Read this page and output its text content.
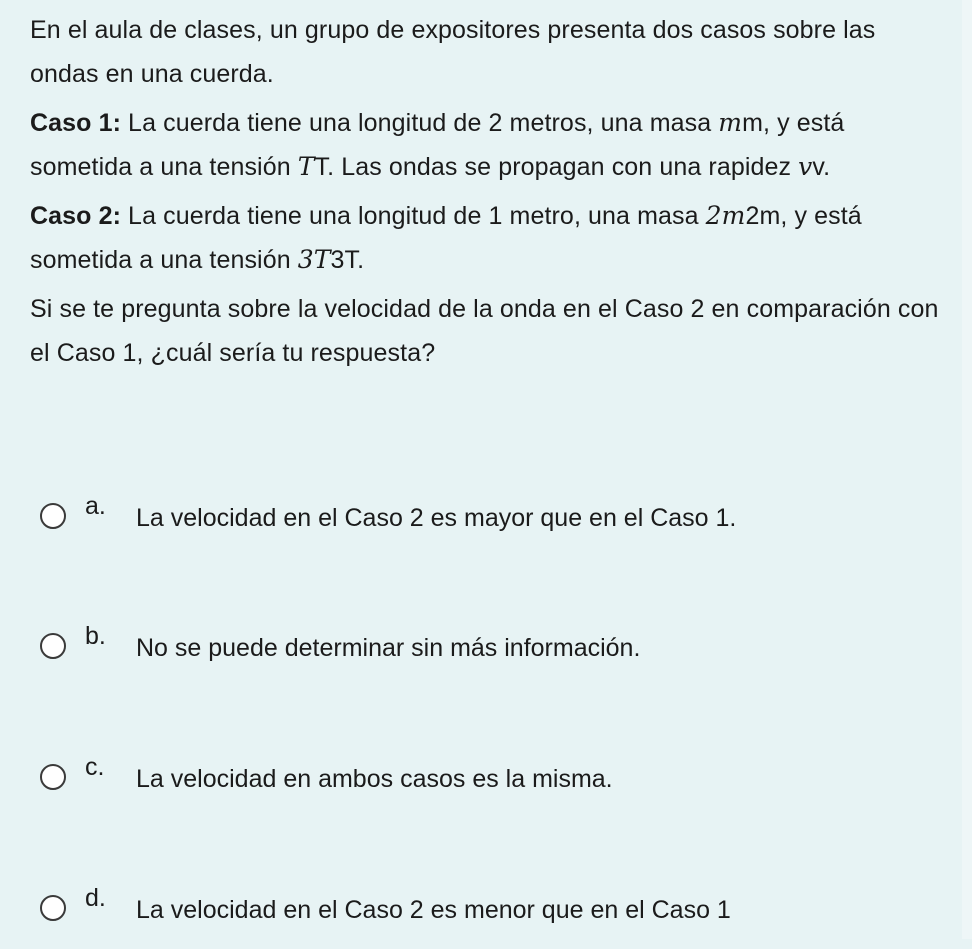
En el aula de clases, un grupo de expositores presenta dos casos sobre las ondas en una cuerda.

Caso 1: La cuerda tiene una longitud de 2 metros, una masa mm, y está sometida a una tensión TT. Las ondas se propagan con una rapidez vv.

Caso 2: La cuerda tiene una longitud de 1 metro, una masa 2m2m, y está sometida a una tensión 3T3T.

Si se te pregunta sobre la velocidad de la onda en el Caso 2 en comparación con el Caso 1, ¿cuál sería tu respuesta?

a. La velocidad en el Caso 2 es mayor que en el Caso 1.
b. No se puede determinar sin más información.
c. La velocidad en ambos casos es la misma.
d. La velocidad en el Caso 2 es menor que en el Caso 1
